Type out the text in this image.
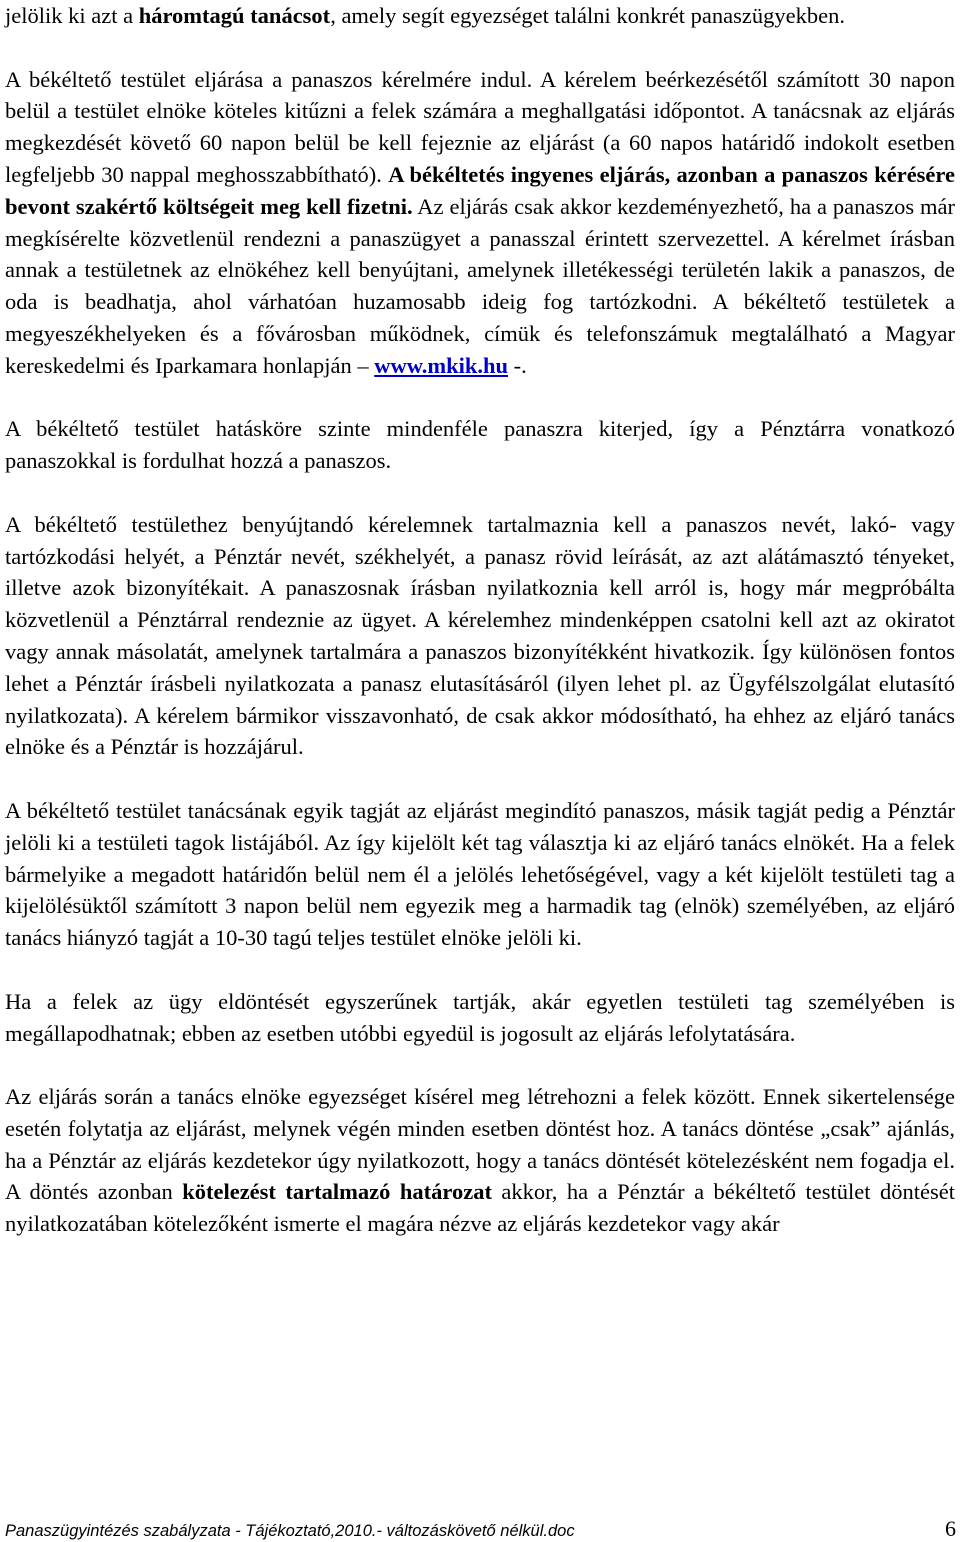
jelölik ki azt a háromtagú tanácsot, amely segít egyezséget találni konkrét panaszügyekben.

A békéltető testület eljárása a panaszos kérelmére indul. A kérelem beérkezésétől számított 30 napon belül a testület elnöke köteles kitűzni a felek számára a meghallgatási időpontot. A tanácsnak az eljárás megkezdését követő 60 napon belül be kell fejeznie az eljárást (a 60 napos határidő indokolt esetben legfeljebb 30 nappal meghosszabbítható). A békéltetés ingyenes eljárás, azonban a panaszos kérésére bevont szakértő költségeit meg kell fizetni. Az eljárás csak akkor kezdeményezhető, ha a panaszos már megkísérelte közvetlenül rendezni a panaszügyet a panasszal érintett szervezettel. A kérelmet írásban annak a testületnek az elnökéhez kell benyújtani, amelynek illetékességi területén lakik a panaszos, de oda is beadhatja, ahol várhatóan huzamosabb ideig fog tartózkodni. A békéltető testületek a megyeszékhelyeken és a fővárosban működnek, címük és telefonszámuk megtalálható a Magyar kereskedelmi és Iparkamara honlapján – www.mkik.hu -.

A békéltető testület hatásköre szinte mindenféle panaszra kiterjed, így a Pénztárra vonatkozó panaszokkal is fordulhat hozzá a panaszos.

A békéltető testülethez benyújtandó kérelemnek tartalmaznia kell a panaszos nevét, lakó- vagy tartózkodási helyét, a Pénztár nevét, székhelyét, a panasz rövid leírását, az azt alátámasztó tényeket, illetve azok bizonyítékait. A panaszosnak írásban nyilatkoznia kell arról is, hogy már megpróbálta közvetlenül a Pénztárral rendeznie az ügyet. A kérelemhez mindenképpen csatolni kell azt az okiratot vagy annak másolatát, amelynek tartalmára a panaszos bizonyítékként hivatkozik. Így különösen fontos lehet a Pénztár írásbeli nyilatkozata a panasz elutasításáról (ilyen lehet pl. az Ügyfélszolgálat elutasító nyilatkozata). A kérelem bármikor visszavonható, de csak akkor módosítható, ha ehhez az eljáró tanács elnöke és a Pénztár is hozzájárul.

A békéltető testület tanácsának egyik tagját az eljárást megindító panaszos, másik tagját pedig a Pénztár jelöli ki a testületi tagok listájából. Az így kijelölt két tag választja ki az eljáró tanács elnökét. Ha a felek bármelyike a megadott határidőn belül nem él a jelölés lehetőségével, vagy a két kijelölt testületi tag a kijelölésüktől számított 3 napon belül nem egyezik meg a harmadik tag (elnök) személyében, az eljáró tanács hiányzó tagját a 10-30 tagú teljes testület elnöke jelöli ki.

Ha a felek az ügy eldöntését egyszerűnek tartják, akár egyetlen testületi tag személyében is megállapodhatnak; ebben az esetben utóbbi egyedül is jogosult az eljárás lefolytatására.

Az eljárás során a tanács elnöke egyezséget kísérel meg létrehozni a felek között. Ennek sikertelensége esetén folytatja az eljárást, melynek végén minden esetben döntést hoz. A tanács döntése „csak” ajánlás, ha a Pénztár az eljárás kezdetekor úgy nyilatkozott, hogy a tanács döntését kötelezésként nem fogadja el. A döntés azonban kötelezést tartalmazó határozat akkor, ha a Pénztár a békéltető testület döntését nyilatkozatában kötelezőként ismerte el magára nézve az eljárás kezdetekor vagy akár

Panaszügyintézés szabályzata - Tájékoztató,2010.- változáskövető nélkül.doc	6
